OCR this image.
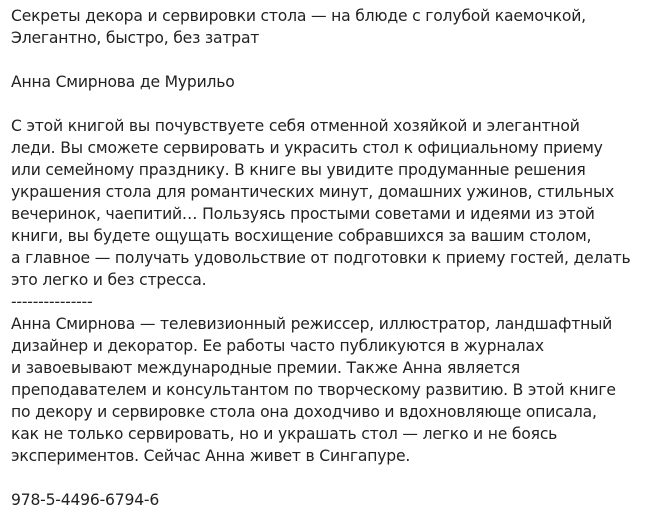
Секреты декора и сервировки стола — на блюде с голубой каемочкой,
Элегантно, быстро, без затрат
Анна Смирнова де Мурильо
С этой книгой вы почувствуете себя отменной хозяйкой и элегантной
леди. Вы сможете сервировать и украсить стол к официальному приему
или семейному празднику. В книге вы увидите продуманные решения
украшения стола для романтических минут, домашних ужинов, стильных
вечеринок, чаепитий… Пользуясь простыми советами и идеями из этой
книги, вы будете ощущать восхищение собравшихся за вашим столом,
а главное — получать удовольствие от подготовки к приему гостей, делать
это легко и без стресса.
---------------
Анна Смирнова — телевизионный режиссер, иллюстратор, ландшафтный
дизайнер и декоратор. Ее работы часто публикуются в журналах
и завоевывают международные премии. Также Анна является
преподавателем и консультантом по творческому развитию. В этой книге
по декору и сервировке стола она доходчиво и вдохновляюще описала,
как не только сервировать, но и украшать стол — легко и не боясь
экспериментов. Сейчас Анна живет в Сингапуре.
978-5-4496-6794-6
